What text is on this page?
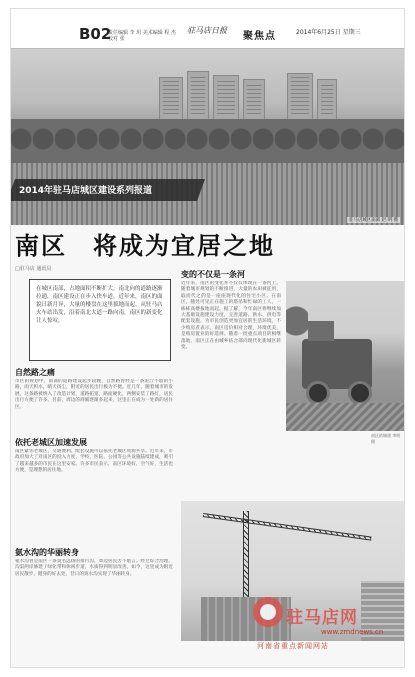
B02
责任编辑 李 玥 美术编辑 程 杰 校对 张
驻马店日报
聚焦点	2014年6月25日 星期三
2014年驻马店城区建设系列报道
驻马店城区南部 赵 明 摄
南区　将成为宜居之地
□驻马店 通讯员
在城区南部，占地面积不断扩大，南北向的道路逐渐拉通，南区建设正在步入快车道。近年来，南区的面貌日新月异，大量的楼盘在这里拔地而起。从驻马店火车站出发，沿着南北大道一路向南，南区的新变化让人惊叹。
自然路之痛
市区的规划中，南部的道路建设起步较晚，自然路曾经是一条泥泞不堪的小路，雨天积水，晴天扬尘，附近的居民出行极为不便。近几年，随着城市的发展，这条路被纳入了改造计划，道路拓宽，路面硬化，两侧安装了路灯，居民出行方便了许多。目前，周边的商铺逐渐多起来，这里正在成为一处新的居住区。
依托老城区加速发展
南区紧邻老城区，交通便利，配套设施可以依托老城区资源共享。近年来，市政府加大了对南区的投入力度，学校、医院、公园等公共设施陆续建成，吸引了越来越多的市民在这里安家。许多市民表示，南区环境好、空气好，生活也方便，是理想的居住地。
氨水沟的华丽转身
氨水沟曾是南区一条臭名远扬的排污沟，周边居民苦不堪言。经过综合治理，沟渠两岸修建了绿化带和休闲步道，水质得到明显改善。如今，这里成为附近居民散步、健身的好去处，昔日的臭水沟实现了华丽转身。
变的不仅是一条河
近年来，南区的变化并不仅仅体现在一条河上。随着城市规划的不断推进，大量的农田被征用，取而代之的是一座座现代化的住宅小区。在南区，随处可见正在施工的塔吊和忙碌的工人，一栋栋高楼拔地而起。据了解，今年南区将继续加大基础设施建设力度，完善道路、供水、供电等配套设施，为市民创造更加宜居的生活环境。不少购房者表示，南区房价相对合理，环境优美，是购房置业的好选择。随着一批重点项目的相继落地，南区正在由城乡结合部向现代化新城区转变。
南区的城建 李明 摄
驻马店网
www.zmdnews.cn
河南省重点新闻网站
